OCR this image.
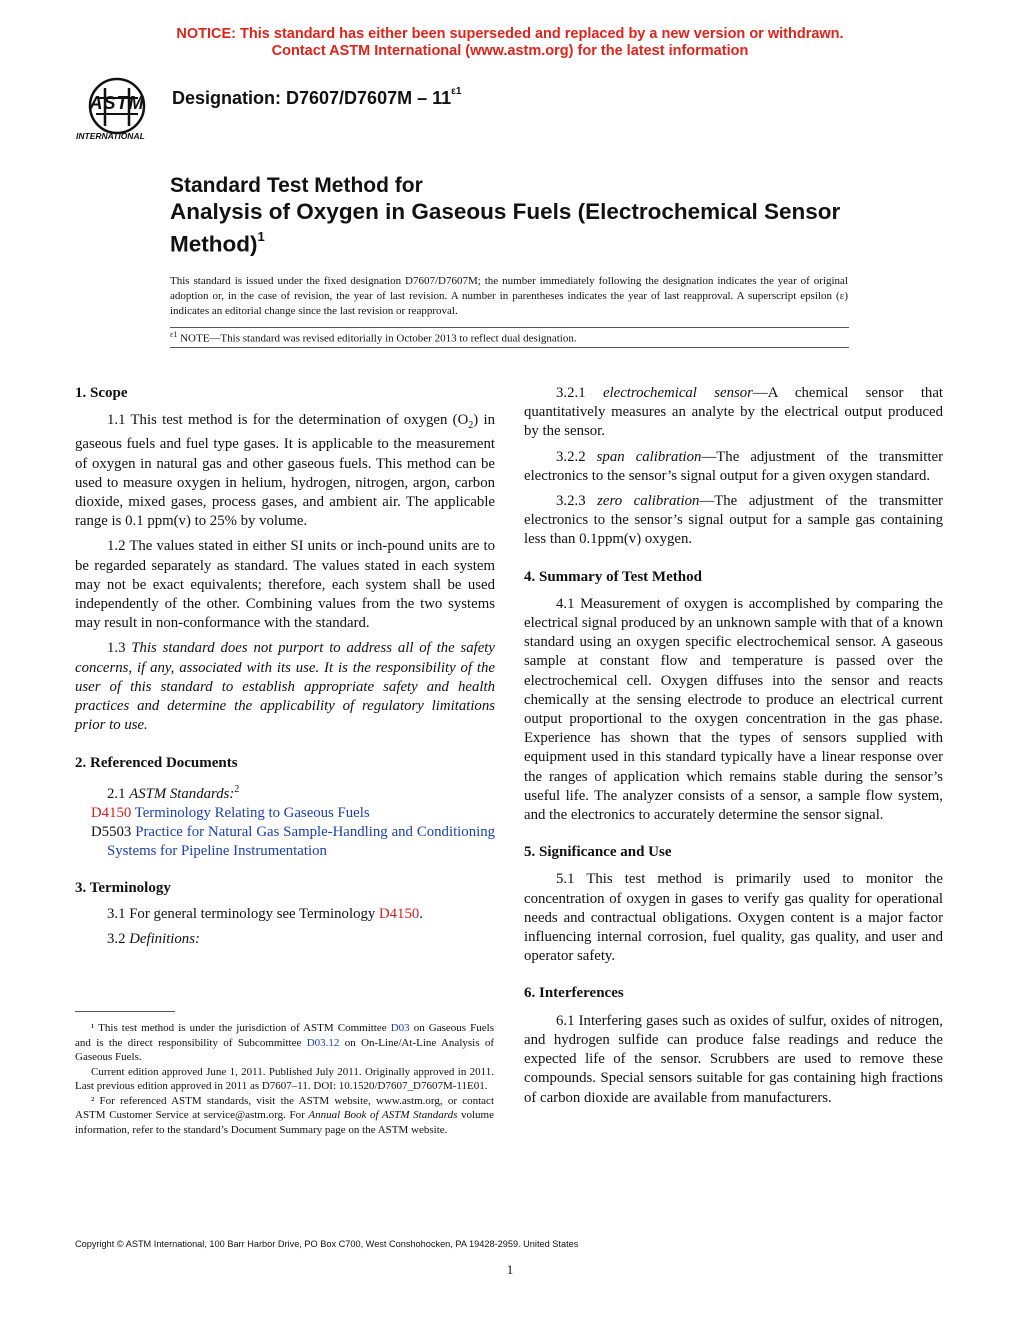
NOTICE: This standard has either been superseded and replaced by a new version or withdrawn.
Contact ASTM International (www.astm.org) for the latest information
ASTM
INTERNATIONAL
Designation: $D7607/D7607M - 11^{\varepsilon 1}$
Standard Test Method for
Analysis of Oxygen in Gaseous Fuels (Electrochemical Sensor Method)$^1$
This standard is issued under the fixed designation D7607/D7607M; the number immediately following the designation indicates the year of original adoption or, in the case of revision, the year of last revision. A number in parentheses indicates the year of last reapproval. A superscript epsilon (ε) indicates an editorial change since the last revision or reapproval.
$^{\varepsilon 1}$ NOTE—This standard was revised editorially in October 2013 to reflect dual designation.

1. Scope

1.1 This test method is for the determination of oxygen $(O_2)$ in gaseous fuels and fuel type gases. It is applicable to the measurement of oxygen in natural gas and other gaseous fuels. This method can be used to measure oxygen in helium, hydrogen, nitrogen, argon, carbon dioxide, mixed gases, process gases, and ambient air. The applicable range is 0.1 ppm(v) to 25% by volume.

1.2 The values stated in either SI units or inch-pound units are to be regarded separately as standard. The values stated in each system may not be exact equivalents; therefore, each system shall be used independently of the other. Combining values from the two systems may result in non-conformance with the standard.

1.3 This standard does not purport to address all of the safety concerns, if any, associated with its use. It is the responsibility of the user of this standard to establish appropriate safety and health practices and determine the applicability of regulatory limitations prior to use.

2. Referenced Documents

2.1 ASTM Standards:$^2$

D4150 Terminology Relating to Gaseous Fuels

D5503 Practice for Natural Gas Sample-Handling and Conditioning Systems for Pipeline Instrumentation

3. Terminology

3.1 For general terminology see Terminology D4150.

3.2 Definitions:

¹ This test method is under the jurisdiction of ASTM Committee D03 on Gaseous Fuels and is the direct responsibility of Subcommittee D03.12 on On-Line/At-Line Analysis of Gaseous Fuels.

Current edition approved June 1, 2011. Published July 2011. Originally approved in 2011. Last previous edition approved in 2011 as D7607–11. DOI: 10.1520/D7607_D7607M-11E01.

² For referenced ASTM standards, visit the ASTM website, www.astm.org, or contact ASTM Customer Service at service@astm.org. For Annual Book of ASTM Standards volume information, refer to the standard’s Document Summary page on the ASTM website.

3.2.1 electrochemical sensor—A chemical sensor that quantitatively measures an analyte by the electrical output produced by the sensor.

3.2.2 span calibration—The adjustment of the transmitter electronics to the sensor’s signal output for a given oxygen standard.

3.2.3 zero calibration—The adjustment of the transmitter electronics to the sensor’s signal output for a sample gas containing less than 0.1ppm(v) oxygen.

4. Summary of Test Method

4.1 Measurement of oxygen is accomplished by comparing the electrical signal produced by an unknown sample with that of a known standard using an oxygen specific electrochemical sensor. A gaseous sample at constant flow and temperature is passed over the electrochemical cell. Oxygen diffuses into the sensor and reacts chemically at the sensing electrode to produce an electrical current output proportional to the oxygen concentration in the gas phase. Experience has shown that the types of sensors supplied with equipment used in this standard typically have a linear response over the ranges of application which remains stable during the sensor’s useful life. The analyzer consists of a sensor, a sample flow system, and the electronics to accurately determine the sensor signal.

5. Significance and Use

5.1 This test method is primarily used to monitor the concentration of oxygen in gases to verify gas quality for operational needs and contractual obligations. Oxygen content is a major factor influencing internal corrosion, fuel quality, gas quality, and user and operator safety.

6. Interferences

6.1 Interfering gases such as oxides of sulfur, oxides of nitrogen, and hydrogen sulfide can produce false readings and reduce the expected life of the sensor. Scrubbers are used to remove these compounds. Special sensors suitable for gas containing high fractions of carbon dioxide are available from manufacturers.

Copyright © ASTM International, 100 Barr Harbor Drive, PO Box C700, West Conshohocken, PA 19428-2959. United States
1
